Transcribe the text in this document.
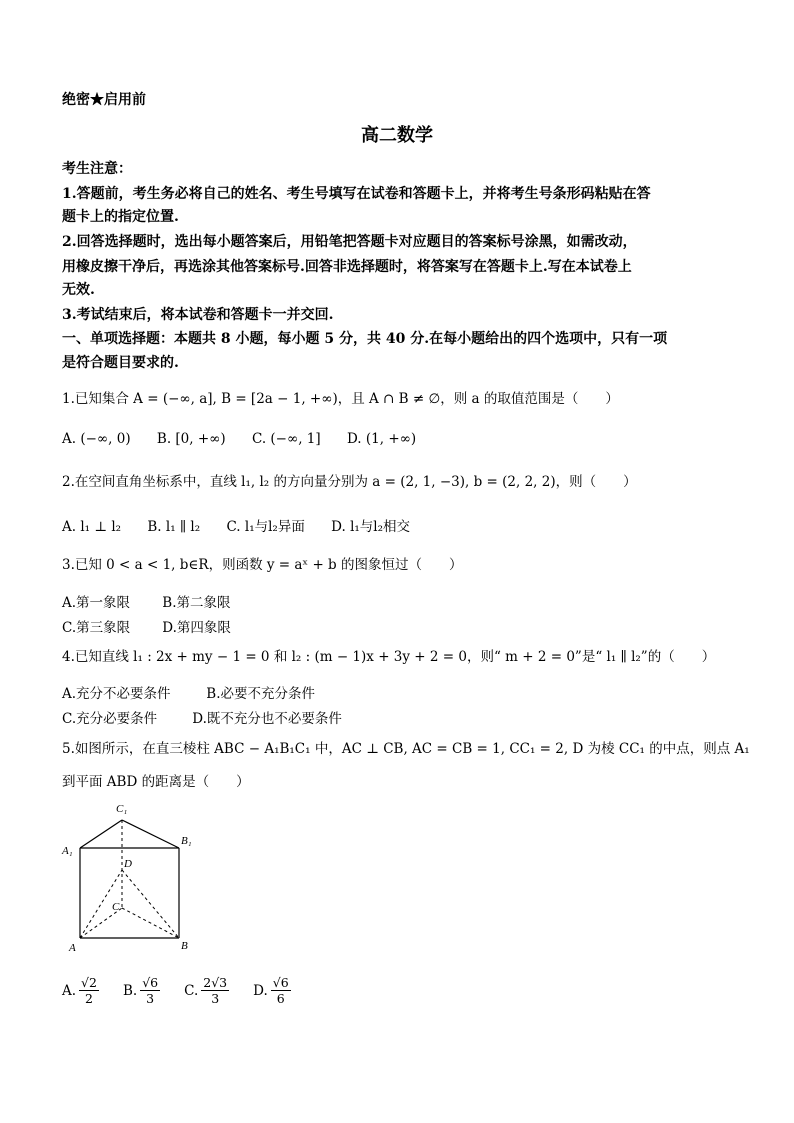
绝密★启用前
高二数学
考生注意：
1.答题前，考生务必将自己的姓名、考生号填写在试卷和答题卡上，并将考生号条形码粘贴在答
题卡上的指定位置.
2.回答选择题时，选出每小题答案后，用铅笔把答题卡对应题目的答案标号涂黑，如需改动，
用橡皮擦干净后，再选涂其他答案标号.回答非选择题时，将答案写在答题卡上.写在本试卷上
无效.
3.考试结束后，将本试卷和答题卡一并交回.
一、单项选择题：本题共 8 小题，每小题 5 分，共 40 分.在每小题给出的四个选项中，只有一项
是符合题目要求的.
1.已知集合 A = (−∞, a], B = [2a − 1, +∞)，且 A ∩ B ≠ ∅，则 a 的取值范围是（　　）
A. (−∞, 0) B. [0, +∞) C. (−∞, 1] D. (1, +∞)
2.在空间直角坐标系中，直线 l₁, l₂ 的方向量分别为 a = (2, 1, −3), b = (2, 2, 2)，则（　　）
A. l₁ ⊥ l₂ B. l₁ ∥ l₂ C. l₁与l₂异面 D. l₁与l₂相交
3.已知 0 < a < 1, b∈R，则函数 y = aˣ + b 的图象恒过（　　）
A.第一象限 B.第二象限
C.第三象限 D.第四象限
4.已知直线 l₁ : 2x + my − 1 = 0 和 l₂ : (m − 1)x + 3y + 2 = 0，则“ m + 2 = 0”是“ l₁ ∥ l₂”的（　　）
A.充分不必要条件	B.必要不充分条件
C.充分必要条件	D.既不充分也不必要条件
5.如图所示，在直三棱柱 ABC − A₁B₁C₁ 中，AC ⊥ CB, AC = CB = 1, CC₁ = 2, D 为棱 CC₁ 的中点，则点 A₁
到平面 ABD 的距离是（　　）
C₁
A₁
B₁
D
C
A	B
A. $\frac{√2}{2} B$. $\frac{√6}{3} C$. $\frac{2√3}{3} D$. $\frac{√6}{6}$
